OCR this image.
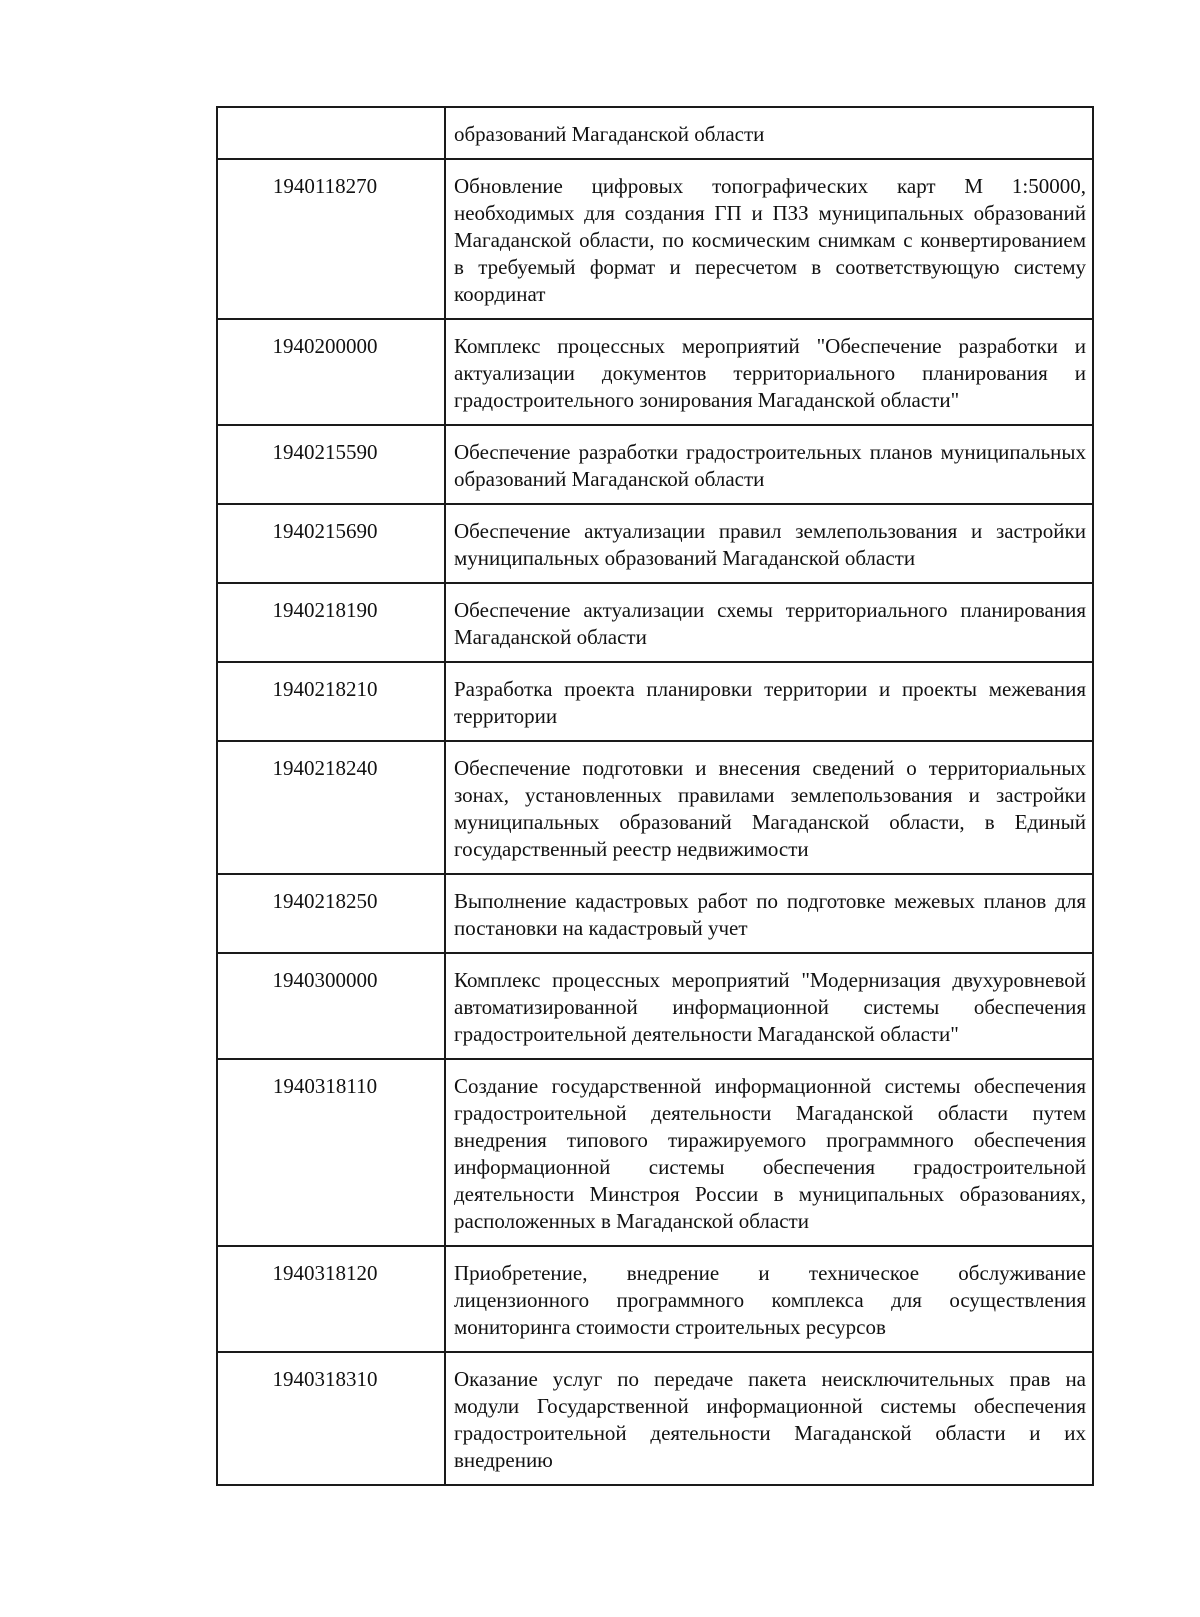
	образований Магаданской области
1940118270	Обновление цифровых топографических карт М 1:50000, необходимых для создания ГП и ПЗЗ муниципальных образований Магаданской области, по космическим снимкам с конвертированием в требуемый формат и пересчетом в соответствующую систему координат
1940200000	Комплекс процессных мероприятий "Обеспечение разработки и актуализации документов территориального планирования и градостроительного зонирования Магаданской области"
1940215590	Обеспечение разработки градостроительных планов муниципальных образований Магаданской области
1940215690	Обеспечение актуализации правил землепользования и застройки муниципальных образований Магаданской области
1940218190	Обеспечение актуализации схемы территориального планирования Магаданской области
1940218210	Разработка проекта планировки территории и проекты межевания территории
1940218240	Обеспечение подготовки и внесения сведений о территориальных зонах, установленных правилами землепользования и застройки муниципальных образований Магаданской области, в Единый государственный реестр недвижимости
1940218250	Выполнение кадастровых работ по подготовке межевых планов для постановки на кадастровый учет
1940300000	Комплекс процессных мероприятий "Модернизация двухуровневой автоматизированной информационной системы обеспечения градостроительной деятельности Магаданской области"
1940318110	Создание государственной информационной системы обеспечения градостроительной деятельности Магаданской области путем внедрения типового тиражируемого программного обеспечения информационной системы обеспечения градостроительной деятельности Минстроя России в муниципальных образованиях, расположенных в Магаданской области
1940318120	Приобретение, внедрение и техническое обслуживание лицензионного программного комплекса для осуществления мониторинга стоимости строительных ресурсов
1940318310	Оказание услуг по передаче пакета неисключительных прав на модули Государственной информационной системы обеспечения градостроительной деятельности Магаданской области и их внедрению
